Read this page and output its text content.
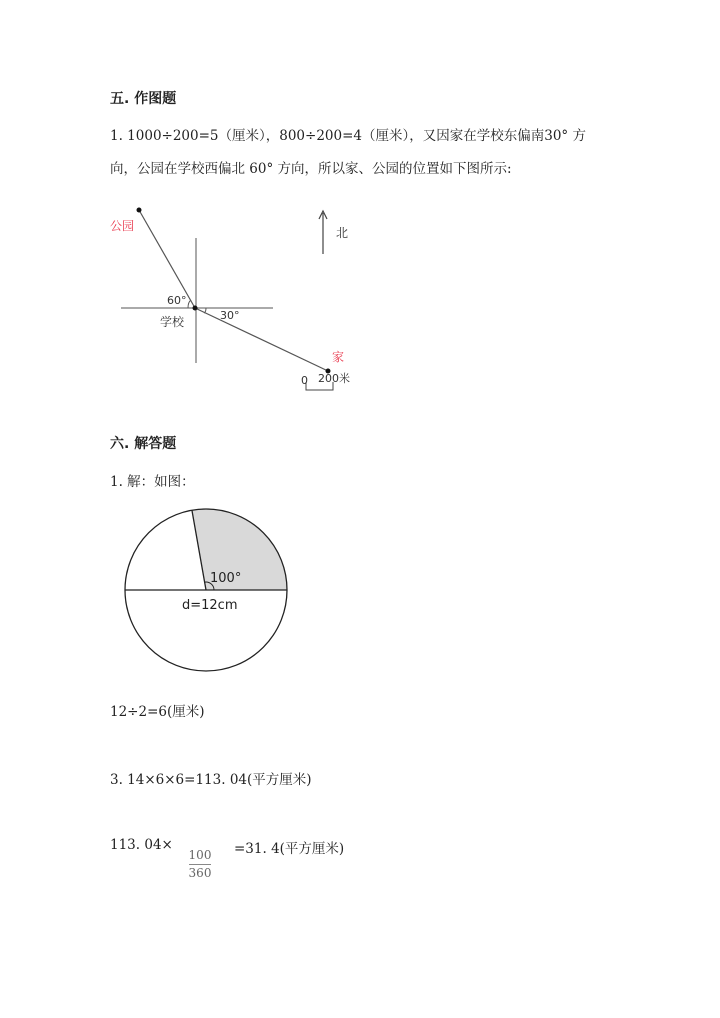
五. 作图题
1. 1000÷200=5（厘米），800÷200=4（厘米），又因家在学校东偏南30° 方
向，公园在学校西偏北 60° 方向，所以家、公园的位置如下图所示:
公园	北
60°
学校	30°
家
0 200米
六. 解答题
1. 解：如图：
100°
d=12cm
12÷2=6(厘米)
3. 14×6×6=113. 04(平方厘米)
113. 04×
100
360
=31. 4(平方厘米)
